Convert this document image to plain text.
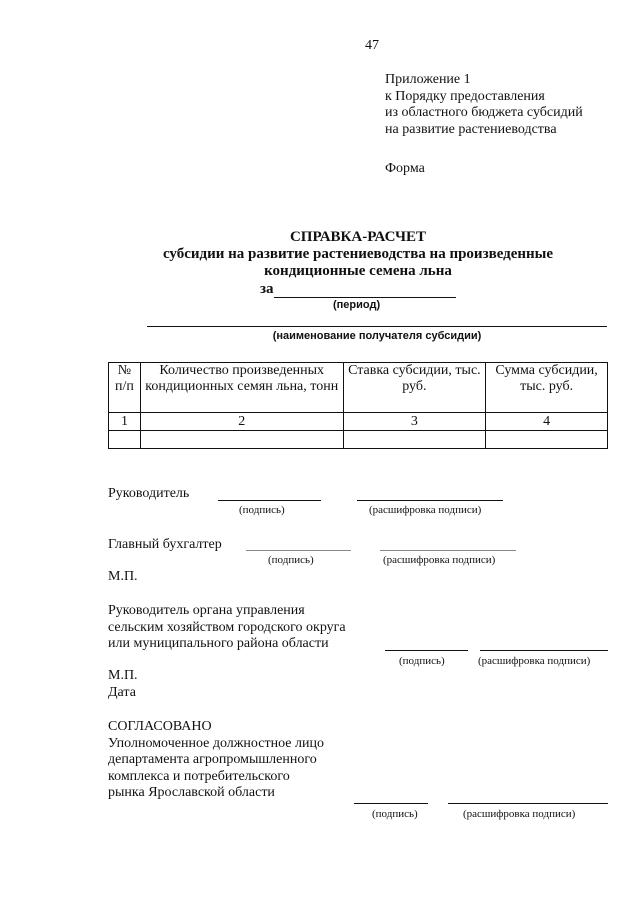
47
Приложение 1
к Порядку предоставления
из областного бюджета субсидий
на развитие растениеводства
Форма
СПРАВКА-РАСЧЕТ
субсидии на развитие растениеводства на произведенные
кондиционные семена льна
за
(период)
(наименование получателя субсидии)
№ п/п	Количество произведенных кондиционных семян льна, тонн	Ставка субсидии, тыс. руб.	Сумма субсидии, тыс. руб.
1	2	3	4

Руководитель
(подпись)	(расшифровка подписи)
Главный бухгалтер
(подпись)	(расшифровка подписи)
М.П.
Руководитель органа управления
сельским хозяйством городского округа
или муниципального района области
(подпись)	(расшифровка подписи)
М.П.
Дата
СОГЛАСОВАНО
Уполномоченное должностное лицо
департамента агропромышленного
комплекса и потребительского
рынка Ярославской области
(подпись)	(расшифровка подписи)
